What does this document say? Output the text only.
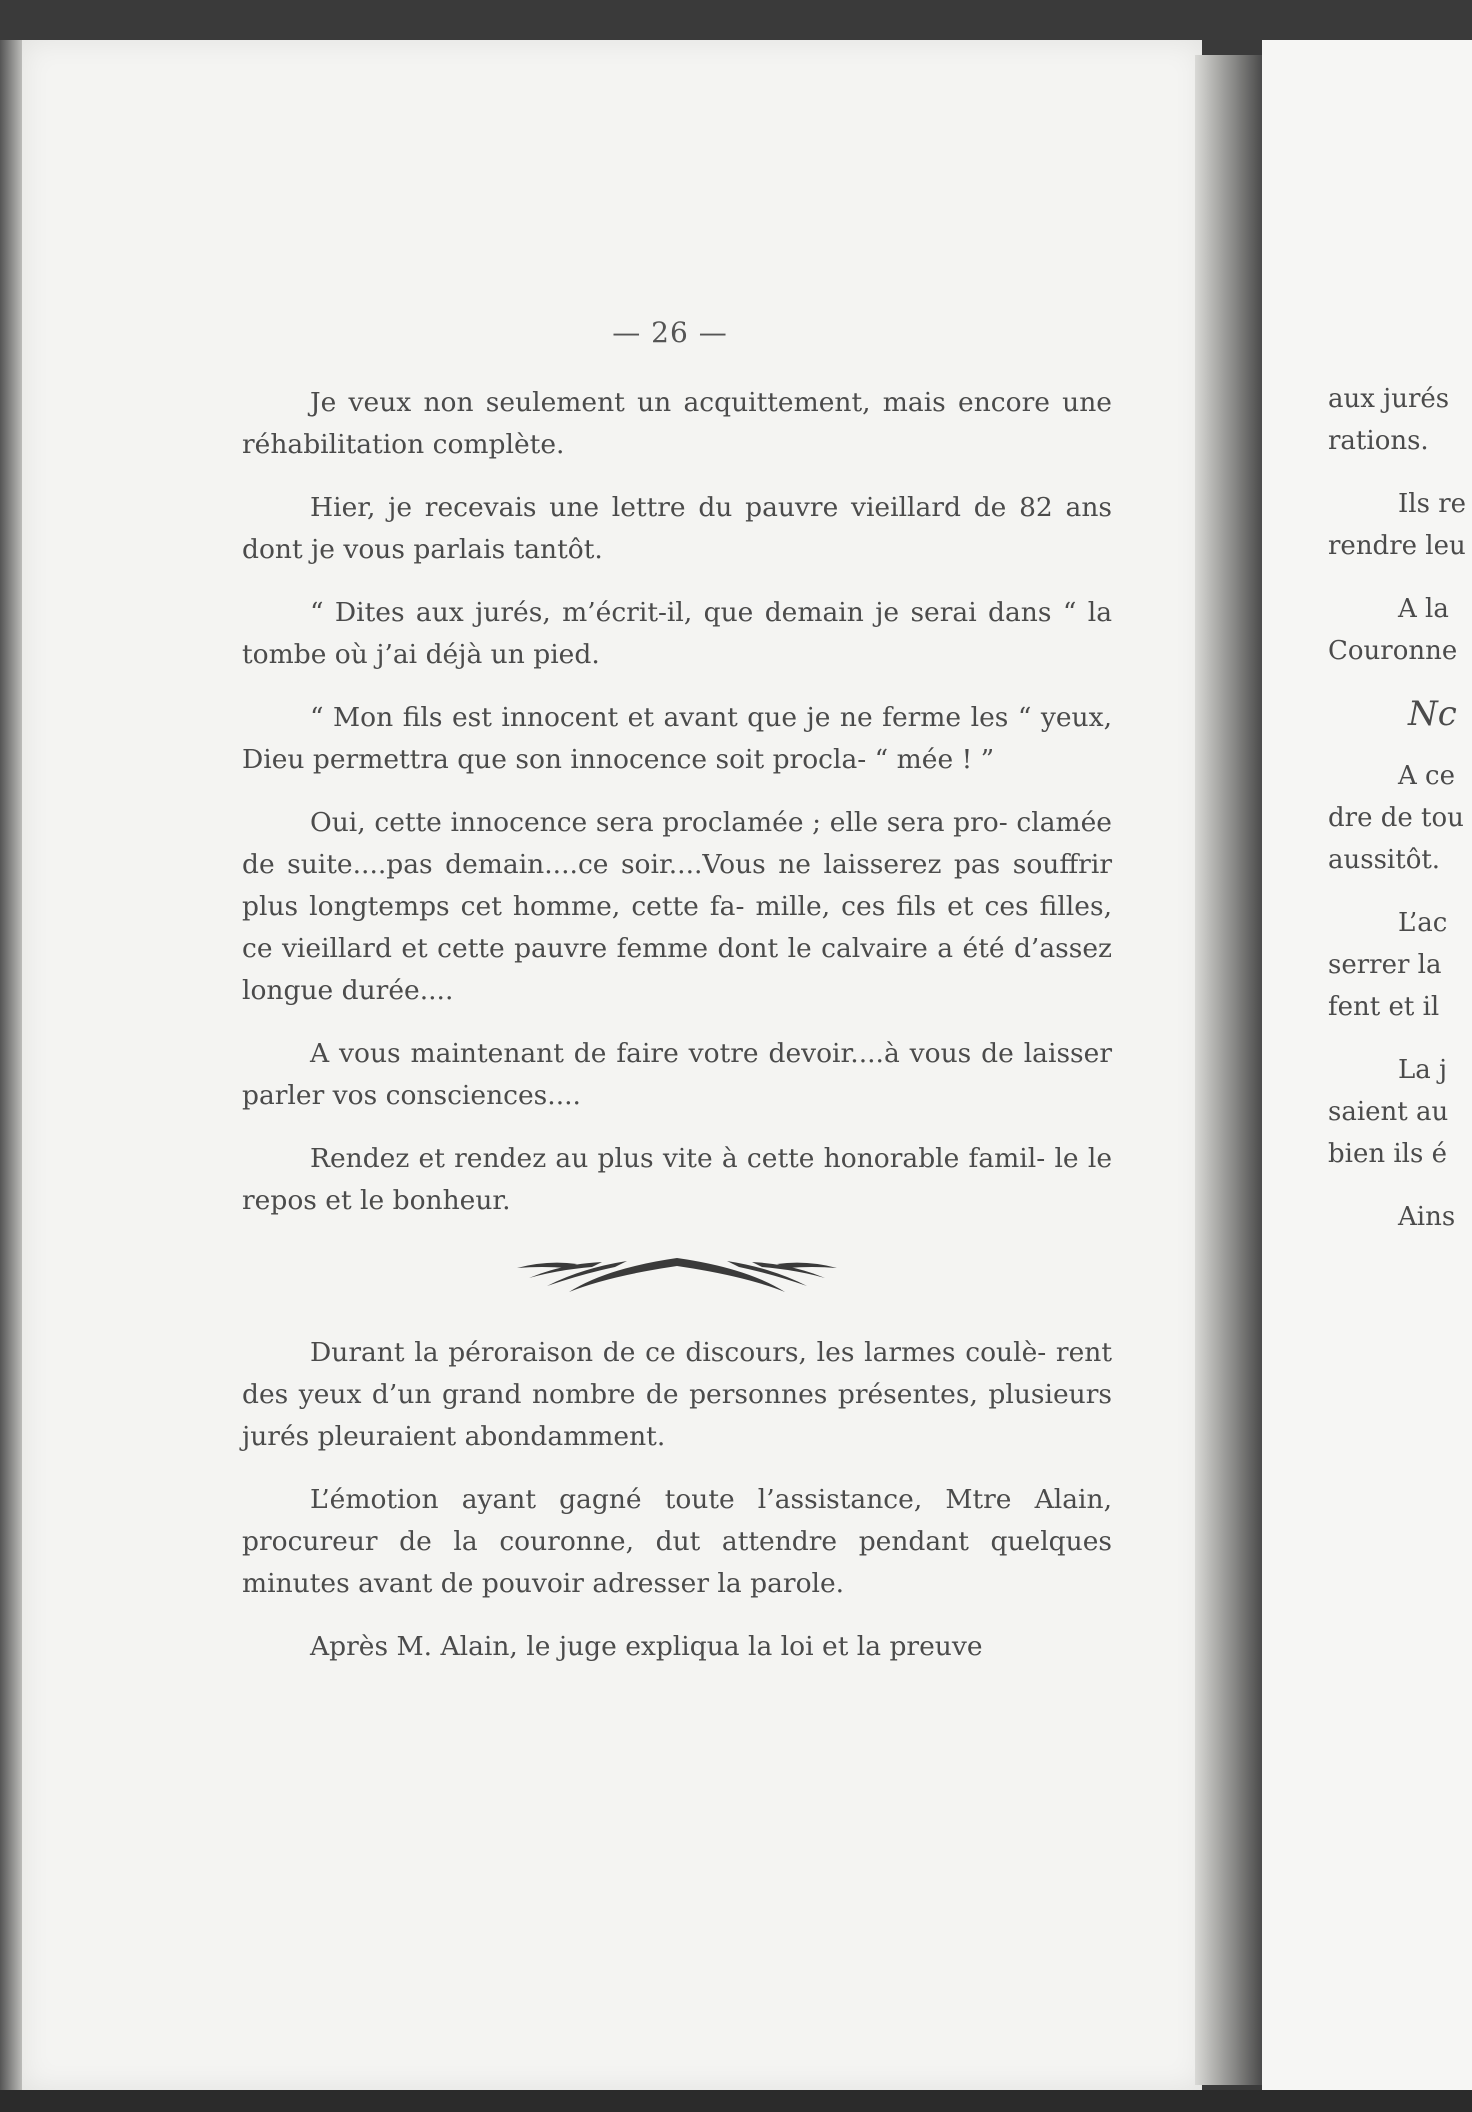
— 26 —

Je veux non seulement un acquittement, mais encore une réhabilitation complète.

Hier, je recevais une lettre du pauvre vieillard de 82 ans dont je vous parlais tantôt.

“ Dites aux jurés, m’écrit-il, que demain je serai dans “ la tombe où j’ai déjà un pied.

“ Mon fils est innocent et avant que je ne ferme les “ yeux, Dieu permettra que son innocence soit procla- “ mée ! ”

Oui, cette innocence sera proclamée ; elle sera pro- clamée de suite....pas demain....ce soir....Vous ne laisserez pas souffrir plus longtemps cet homme, cette fa- mille, ces fils et ces filles, ce vieillard et cette pauvre femme dont le calvaire a été d’assez longue durée....

A vous maintenant de faire votre devoir....à vous de laisser parler vos consciences....

Rendez et rendez au plus vite à cette honorable famil- le le repos et le bonheur.

Durant la péroraison de ce discours, les larmes coulè- rent des yeux d’un grand nombre de personnes présentes, plusieurs jurés pleuraient abondamment.

L’émotion ayant gagné toute l’assistance, Mtre Alain, procureur de la couronne, dut attendre pendant quelques minutes avant de pouvoir adresser la parole.

Après M. Alain, le juge expliqua la loi et la preuve

aux jurés
rations.

Ils re
rendre leu

A la
Couronne

Nc

A ce
dre de tou
aussitôt.

L’ac
serrer la
fent et il

La j
saient au
bien ils é

Ains
